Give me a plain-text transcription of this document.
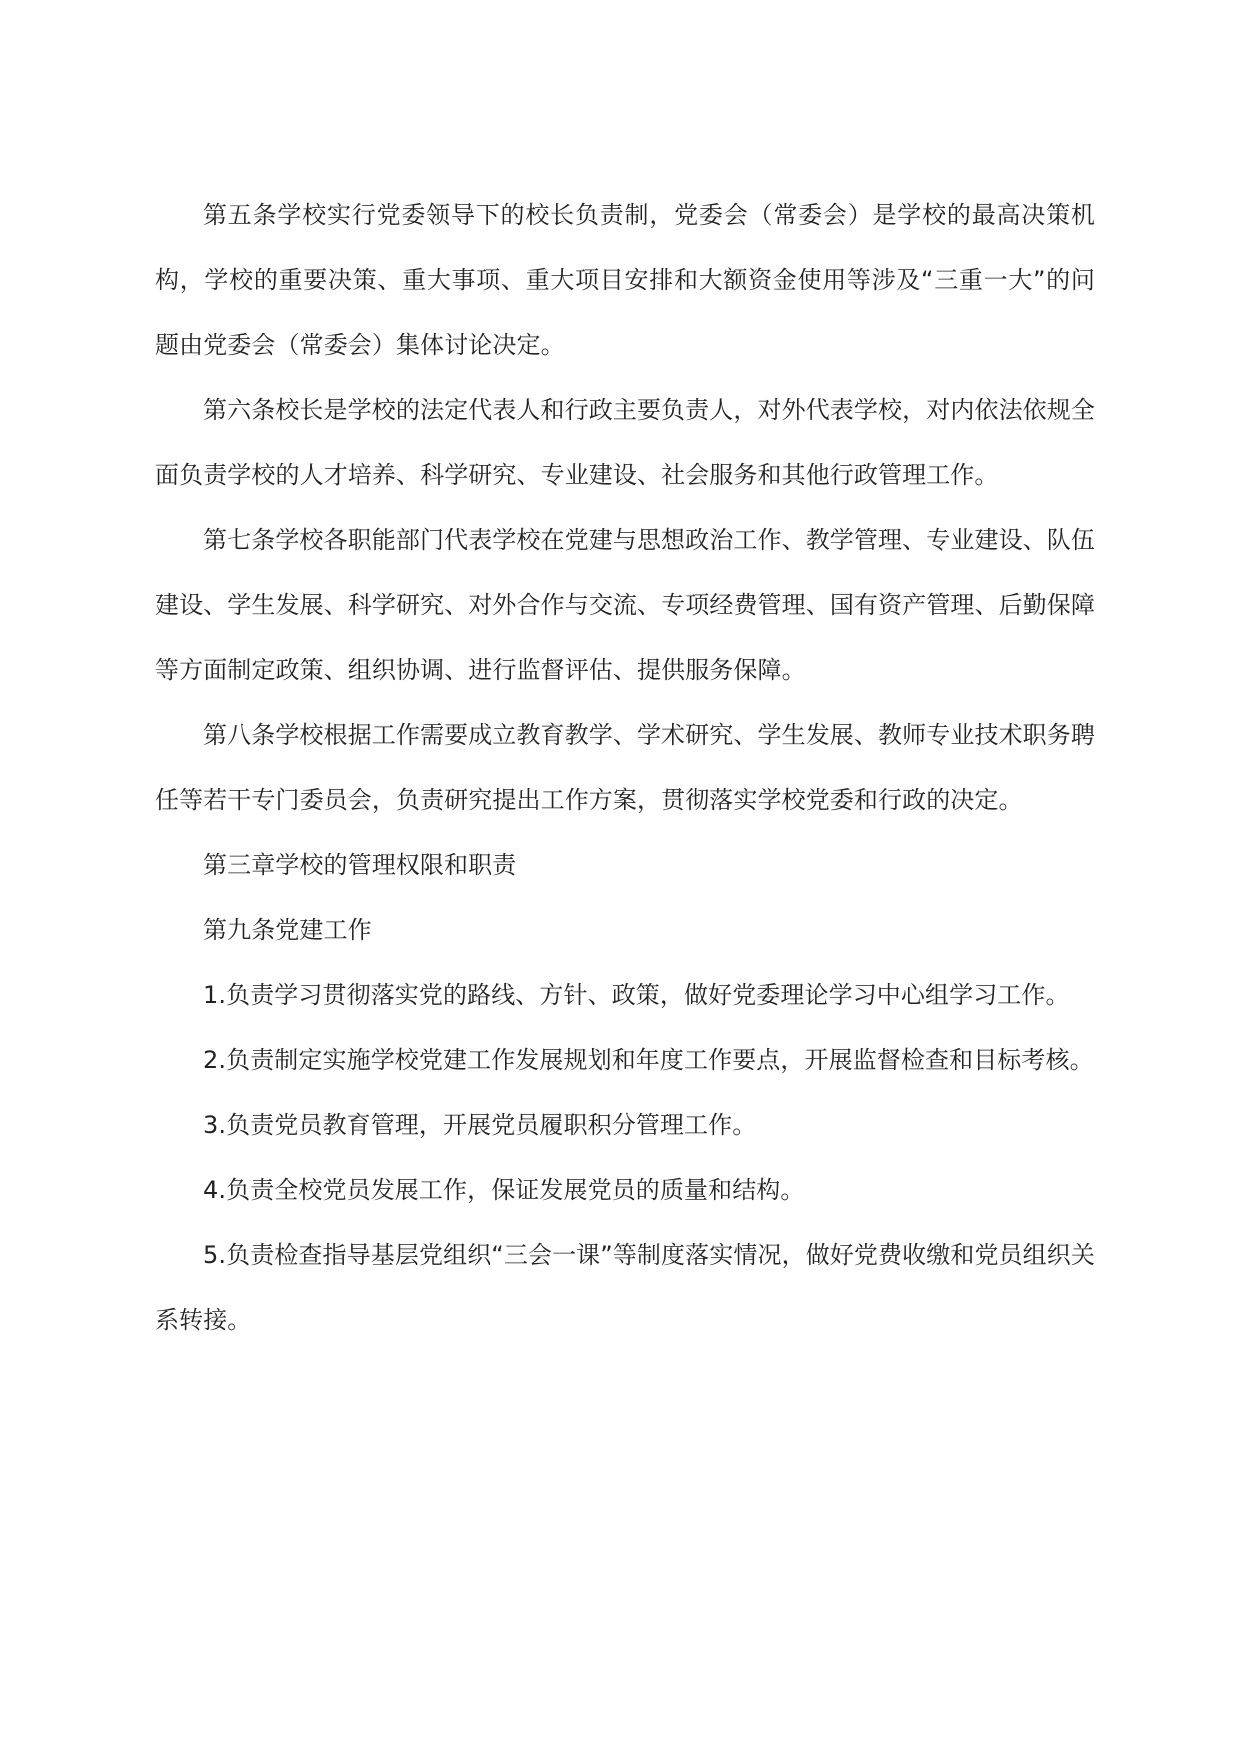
第五条学校实行党委领导下的校长负责制，党委会（常委会）是学校的最高决策机构，学校的重要决策、重大事项、重大项目安排和大额资金使用等涉及“三重一大”的问题由党委会（常委会）集体讨论决定。

第六条校长是学校的法定代表人和行政主要负责人，对外代表学校，对内依法依规全面负责学校的人才培养、科学研究、专业建设、社会服务和其他行政管理工作。

第七条学校各职能部门代表学校在党建与思想政治工作、教学管理、专业建设、队伍建设、学生发展、科学研究、对外合作与交流、专项经费管理、国有资产管理、后勤保障等方面制定政策、组织协调、进行监督评估、提供服务保障。

第八条学校根据工作需要成立教育教学、学术研究、学生发展、教师专业技术职务聘任等若干专门委员会，负责研究提出工作方案，贯彻落实学校党委和行政的决定。

第三章学校的管理权限和职责

第九条党建工作

1.负责学习贯彻落实党的路线、方针、政策，做好党委理论学习中心组学习工作。

2.负责制定实施学校党建工作发展规划和年度工作要点，开展监督检查和目标考核。

3.负责党员教育管理，开展党员履职积分管理工作。

4.负责全校党员发展工作，保证发展党员的质量和结构。

5.负责检查指导基层党组织“三会一课”等制度落实情况，做好党费收缴和党员组织关系转接。
